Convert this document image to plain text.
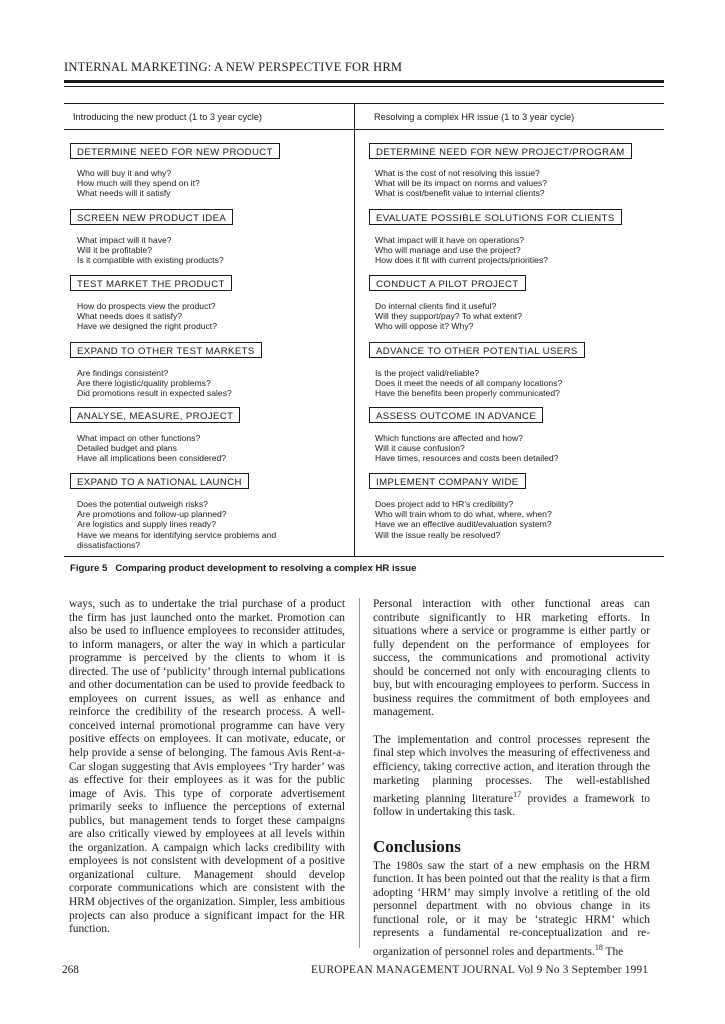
INTERNAL MARKETING: A NEW PERSPECTIVE FOR HRM
Introducing the new product (1 to 3 year cycle)	Resolving a complex HR issue (1 to 3 year cycle)
DETERMINE NEED FOR NEW PRODUCT
Who will buy it and why?
How much will they spend on it?
What needs will it satisfy
SCREEN NEW PRODUCT IDEA
What impact will it have?
Will it be profitable?
Is it compatible with existing products?
TEST MARKET THE PRODUCT
How do prospects view the product?
What needs does it satisfy?
Have we designed the right product?
EXPAND TO OTHER TEST MARKETS
Are findings consistent?
Are there logistic/quality problems?
Did promotions result in expected sales?
ANALYSE, MEASURE, PROJECT
What impact on other functions?
Detailed budget and plans
Have all implications been considered?
EXPAND TO A NATIONAL LAUNCH
Does the potential outweigh risks?
Are promotions and follow-up planned?
Are logistics and supply lines ready?
Have we means for identifying service problems and
dissatisfactions?
DETERMINE NEED FOR NEW PROJECT/PROGRAM
What is the cost of not resolving this issue?
What will be its impact on norms and values?
What is cost/benefit value to internal clients?
EVALUATE POSSIBLE SOLUTIONS FOR CLIENTS
What impact will it have on operations?
Who will manage and use the project?
How does it fit with current projects/priorities?
CONDUCT A PILOT PROJECT
Do internal clients find it useful?
Will they support/pay? To what extent?
Who will oppose it? Why?
ADVANCE TO OTHER POTENTIAL USERS
Is the project valid/reliable?
Does it meet the needs of all company locations?
Have the benefits been properly communicated?
ASSESS OUTCOME IN ADVANCE
Which functions are affected and how?
Will it cause confusion?
Have times, resources and costs been detailed?
IMPLEMENT COMPANY WIDE
Does project add to HR's credibility?
Who will train whom to do what, where, when?
Have we an effective audit/evaluation system?
Will the issue really be resolved?
Figure 5   Comparing product development to resolving a complex HR issue

ways, such as to undertake the trial purchase of a product the firm has just launched onto the market. Promotion can also be used to influence employees to reconsider attitudes, to inform managers, or alter the way in which a particular programme is perceived by the clients to whom it is directed. The use of ‘publicity’ through internal publications and other documentation can be used to provide feedback to employees on current issues, as well as enhance and reinforce the credibility of the research process. A well-conceived internal promotional programme can have very positive effects on employees. It can motivate, educate, or help provide a sense of belonging. The famous Avis Rent-a-Car slogan suggesting that Avis employees ‘Try harder’ was as effective for their employees as it was for the public image of Avis. This type of corporate advertisement primarily seeks to influence the perceptions of external publics, but management tends to forget these campaigns are also critically viewed by employees at all levels within the organization. A campaign which lacks credibility with employees is not consistent with development of a positive organizational culture. Management should develop corporate communications which are consistent with the HRM objectives of the organization. Simpler, less ambitious projects can also produce a significant impact for the HR function.

Personal interaction with other functional areas can contribute significantly to HR marketing efforts. In situations where a service or programme is either partly or fully dependent on the performance of employees for success, the communications and promotional activity should be concerned not only with encouraging clients to buy, but with encouraging employees to perform. Success in business requires the commitment of both employees and management.

The implementation and control processes represent the final step which involves the measuring of effectiveness and efficiency, taking corrective action, and iteration through the marketing planning processes. The well-established marketing planning literature$^{17}$ provides a framework to follow in undertaking this task.

Conclusions

The 1980s saw the start of a new emphasis on the HRM function. It has been pointed out that the reality is that a firm adopting ‘HRM’ may simply involve a retitling of the old personnel department with no obvious change in its functional role, or it may be ‘strategic HRM’ which represents a fundamental re-conceptualization and re-organization of personnel roles and departments.$^{18}$ The

268	EUROPEAN MANAGEMENT JOURNAL Vol 9 No 3 September 1991
